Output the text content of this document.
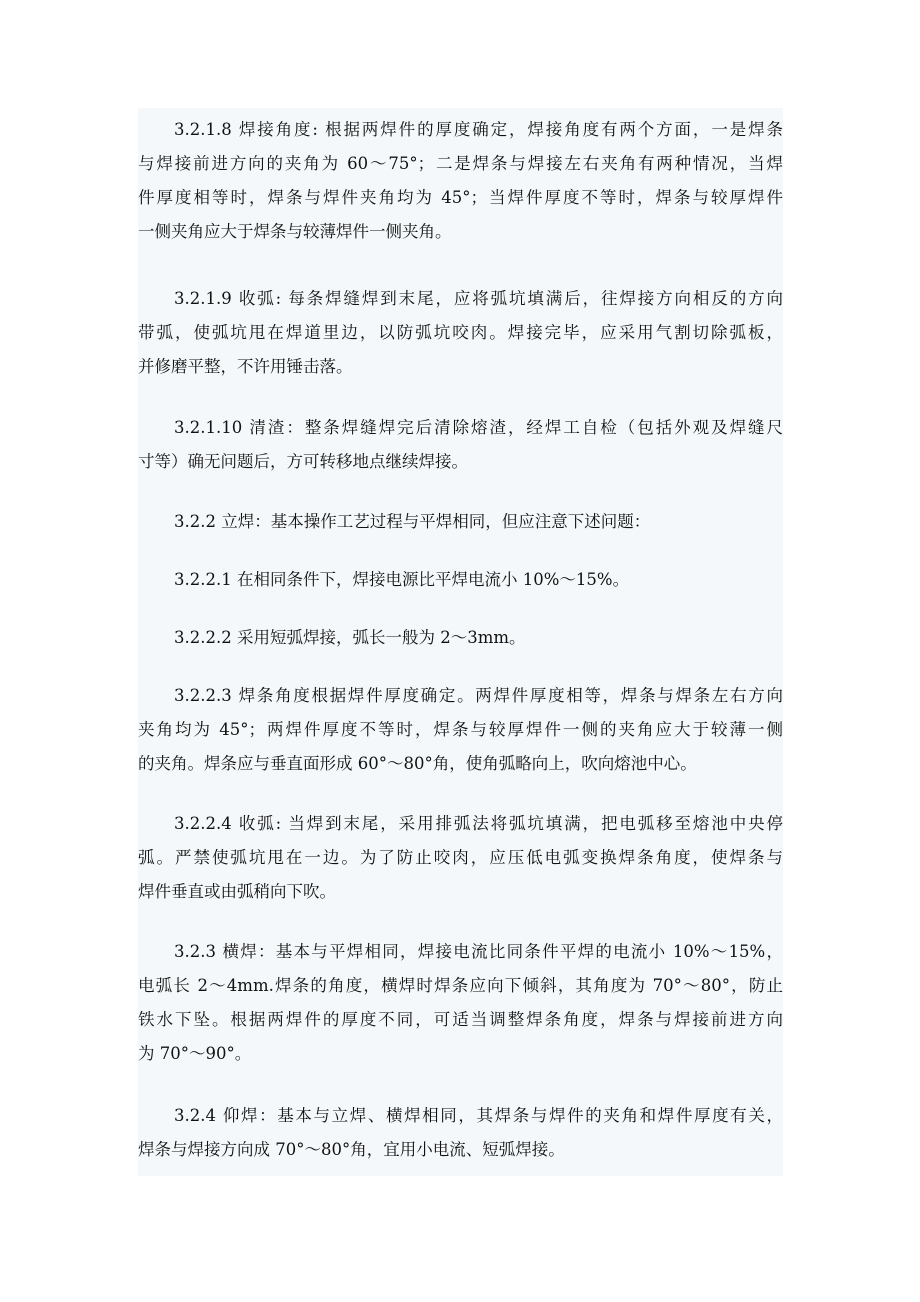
3.2.1.8 焊接角度: 根据两焊件的厚度确定，焊接角度有两个方面，一是焊条
与焊接前进方向的夹角为 60～75°；二是焊条与焊接左右夹角有两种情况，当焊
件厚度相等时，焊条与焊件夹角均为 45°；当焊件厚度不等时，焊条与较厚焊件
一侧夹角应大于焊条与较薄焊件一侧夹角。
3.2.1.9 收弧: 每条焊缝焊到末尾，应将弧坑填满后，往焊接方向相反的方向
带弧，使弧坑甩在焊道里边，以防弧坑咬肉。焊接完毕，应采用气割切除弧板，
并修磨平整，不许用锤击落。
3.2.1.10 清渣：整条焊缝焊完后清除熔渣，经焊工自检（包括外观及焊缝尺
寸等）确无问题后，方可转移地点继续焊接。
3.2.2 立焊：基本操作工艺过程与平焊相同，但应注意下述问题：
3.2.2.1 在相同条件下，焊接电源比平焊电流小 10%～15%。
3.2.2.2 采用短弧焊接，弧长一般为 2～3mm。
3.2.2.3 焊条角度根据焊件厚度确定。两焊件厚度相等，焊条与焊条左右方向
夹角均为 45°；两焊件厚度不等时，焊条与较厚焊件一侧的夹角应大于较薄一侧
的夹角。焊条应与垂直面形成 60°～80°角，使角弧略向上，吹向熔池中心。
3.2.2.4 收弧: 当焊到末尾，采用排弧法将弧坑填满，把电弧移至熔池中央停
弧。严禁使弧坑甩在一边。为了防止咬肉，应压低电弧变换焊条角度，使焊条与
焊件垂直或由弧稍向下吹。
3.2.3 横焊：基本与平焊相同，焊接电流比同条件平焊的电流小 10%～15%，
电弧长 2～4mm.焊条的角度，横焊时焊条应向下倾斜，其角度为 70°～80°，防止
铁水下坠。根据两焊件的厚度不同，可适当调整焊条角度，焊条与焊接前进方向
为 70°～90°。
3.2.4 仰焊：基本与立焊、横焊相同，其焊条与焊件的夹角和焊件厚度有关，
焊条与焊接方向成 70°～80°角，宜用小电流、短弧焊接。
